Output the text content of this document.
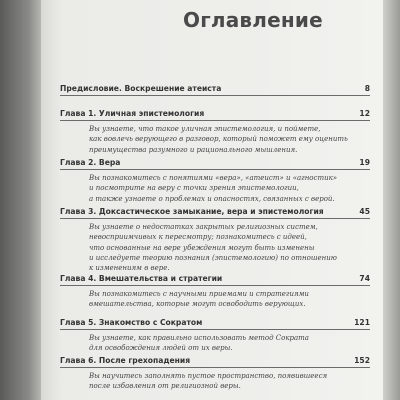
Оглавление
Предисловие. Воскрешение атеиста	8
Глава 1. Уличная эпистемология	12
Вы узнаете, что такое уличная эпистемология, и поймете,
как вовлечь верующего в разговор, который поможет ему оценить
преимущества разумного и рационального мышления.
Глава 2. Вера	19
Вы познакомитесь с понятиями «вера», «атеист» и «агностик»
и посмотрите на веру с точки зрения эпистемологии,
а также узнаете о проблемах и опасностях, связанных с верой.
Глава 3. Доксастическое замыкание, вера и эпистемология	45
Вы узнаете о недостатках закрытых религиозных систем,
невосприимчивых к пересмотру; познакомитесь с идеей,
что основанные на вере убеждения могут быть изменены
и исследуете теорию познания (эпистемологию) по отношению
к изменениям в вере.
Глава 4. Вмешательства и стратегии	74
Вы познакомитесь с научными приемами и стратегиями
вмешательства, которые могут освободить верующих.
Глава 5. Знакомство с Сократом	121
Вы узнаете, как правильно использовать метод Сократа
для освобождения людей от их веры.
Глава 6. После грехопадения	152
Вы научитесь заполнять пустое пространство, появившееся
после избавления от религиозной веры.
